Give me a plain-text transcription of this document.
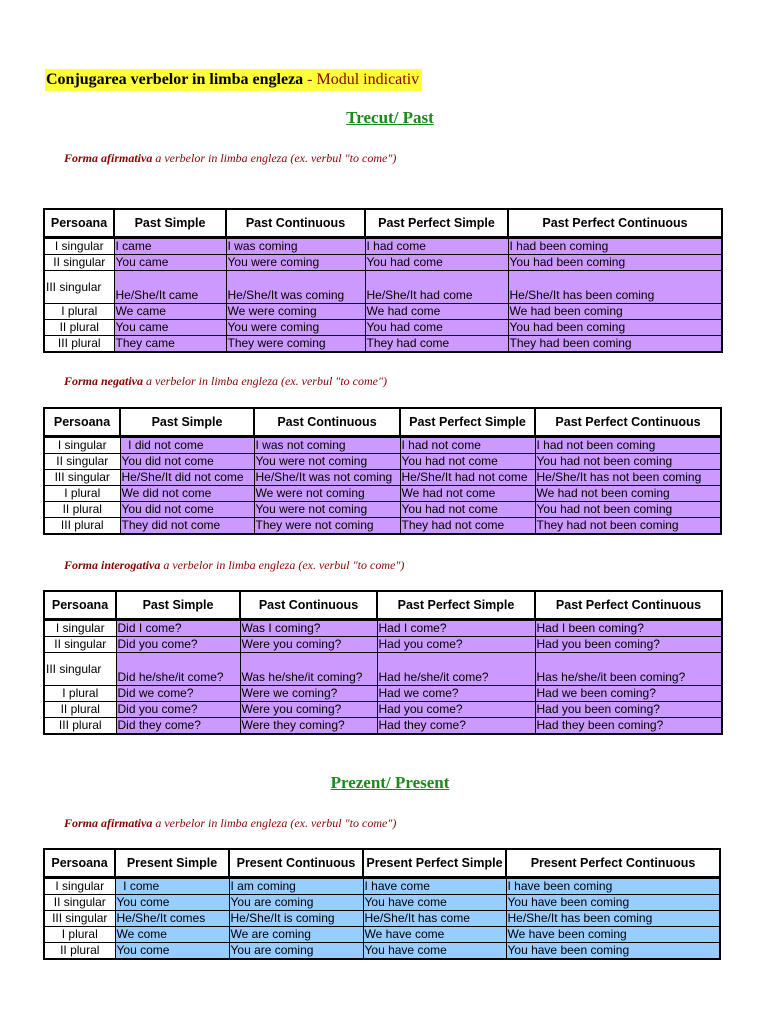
Conjugarea verbelor in limba engleza - Modul indicativ
Trecut/ Past
Forma afirmativa a verbelor in limba engleza (ex. verbul "to come")
Persoana	Past Simple	Past Continuous	Past Perfect Simple	Past Perfect Continuous
I singular	I came	I was coming	I had come	I had been coming
II singular	You came	You were coming	You had come	You had been coming
III singular	He/She/It came	He/She/It was coming	He/She/It had come	He/She/It has been coming
I plural	We came	We were coming	We had come	We had been coming
II plural	You came	You were coming	You had come	You had been coming
III plural	They came	They were coming	They had come	They had been coming
Forma negativa a verbelor in limba engleza (ex. verbul "to come")
Persoana	Past Simple	Past Continuous	Past Perfect Simple	Past Perfect Continuous
I singular	I did not come	I was not coming	I had not come	I had not been coming
II singular	You did not come	You were not coming	You had not come	You had not been coming
III singular	He/She/It did not come	He/She/It was not coming	He/She/It had not come	He/She/It has not been coming
I plural	We did not come	We were not coming	We had not come	We had not been coming
II plural	You did not come	You were not coming	You had not come	You had not been coming
III plural	They did not come	They were not coming	They had not come	They had not been coming
Forma interogativa a verbelor in limba engleza (ex. verbul "to come")
Persoana	Past Simple	Past Continuous	Past Perfect Simple	Past Perfect Continuous
I singular	Did I come?	Was I coming?	Had I come?	Had I been coming?
II singular	Did you come?	Were you coming?	Had you come?	Had you been coming?
III singular	Did he/she/it come?	Was he/she/it coming?	Had he/she/it come?	Has he/she/it been coming?
I plural	Did we come?	Were we coming?	Had we come?	Had we been coming?
II plural	Did you come?	Were you coming?	Had you come?	Had you been coming?
III plural	Did they come?	Were they coming?	Had they come?	Had they been coming?
Prezent/ Present
Forma afirmativa a verbelor in limba engleza (ex. verbul "to come")
Persoana	Present Simple	Present Continuous	Present Perfect Simple	Present Perfect Continuous
I singular	I come	I am coming	I have come	I have been coming
II singular	You come	You are coming	You have come	You have been coming
III singular	He/She/It comes	He/She/It is coming	He/She/It has come	He/She/It has been coming
I plural	We come	We are coming	We have come	We have been coming
II plural	You come	You are coming	You have come	You have been coming
